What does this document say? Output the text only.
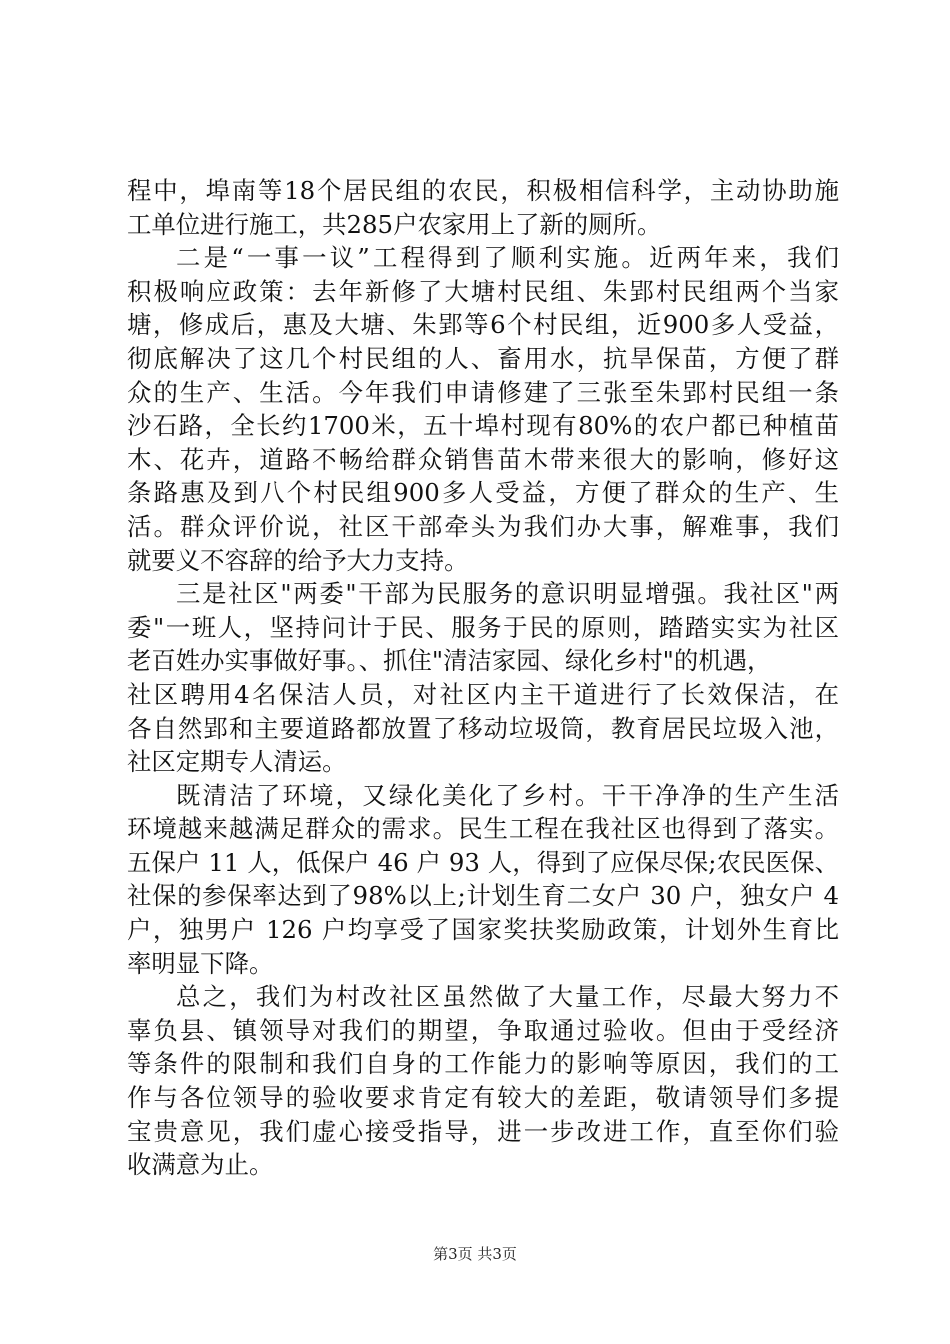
程中，埠南等18个居民组的农民，积极相信科学，主动协助施
工单位进行施工，共285户农家用上了新的厕所。
二是“一事一议”工程得到了顺利实施。近两年来，我们
积极响应政策：去年新修了大塘村民组、朱郢村民组两个当家
塘，修成后，惠及大塘、朱郢等6个村民组，近900多人受益，
彻底解决了这几个村民组的人、畜用水，抗旱保苗，方便了群
众的生产、生活。今年我们申请修建了三张至朱郢村民组一条
沙石路，全长约1700米，五十埠村现有80%的农户都已种植苗
木、花卉，道路不畅给群众销售苗木带来很大的影响，修好这
条路惠及到八个村民组900多人受益，方便了群众的生产、生
活。群众评价说，社区干部牵头为我们办大事，解难事，我们
就要义不容辞的给予大力支持。
三是社区"两委"干部为民服务的意识明显增强。我社区"两
委"一班人，坚持问计于民、服务于民的原则，踏踏实实为社区
老百姓办实事做好事。、抓住"清洁家园、绿化乡村"的机遇，
社区聘用4名保洁人员，对社区内主干道进行了长效保洁，在
各自然郢和主要道路都放置了移动垃圾筒，教育居民垃圾入池，
社区定期专人清运。
既清洁了环境，又绿化美化了乡村。干干净净的生产生活
环境越来越满足群众的需求。民生工程在我社区也得到了落实。
五保户 11 人，低保户 46 户 93 人，得到了应保尽保;农民医保、
社保的参保率达到了98%以上;计划生育二女户 30 户，独女户 4
户，独男户 126 户均享受了国家奖扶奖励政策，计划外生育比
率明显下降。
总之，我们为村改社区虽然做了大量工作，尽最大努力不
辜负县、镇领导对我们的期望，争取通过验收。但由于受经济
等条件的限制和我们自身的工作能力的影响等原因，我们的工
作与各位领导的验收要求肯定有较大的差距，敬请领导们多提
宝贵意见，我们虚心接受指导，进一步改进工作，直至你们验
收满意为止。
第3页 共3页
